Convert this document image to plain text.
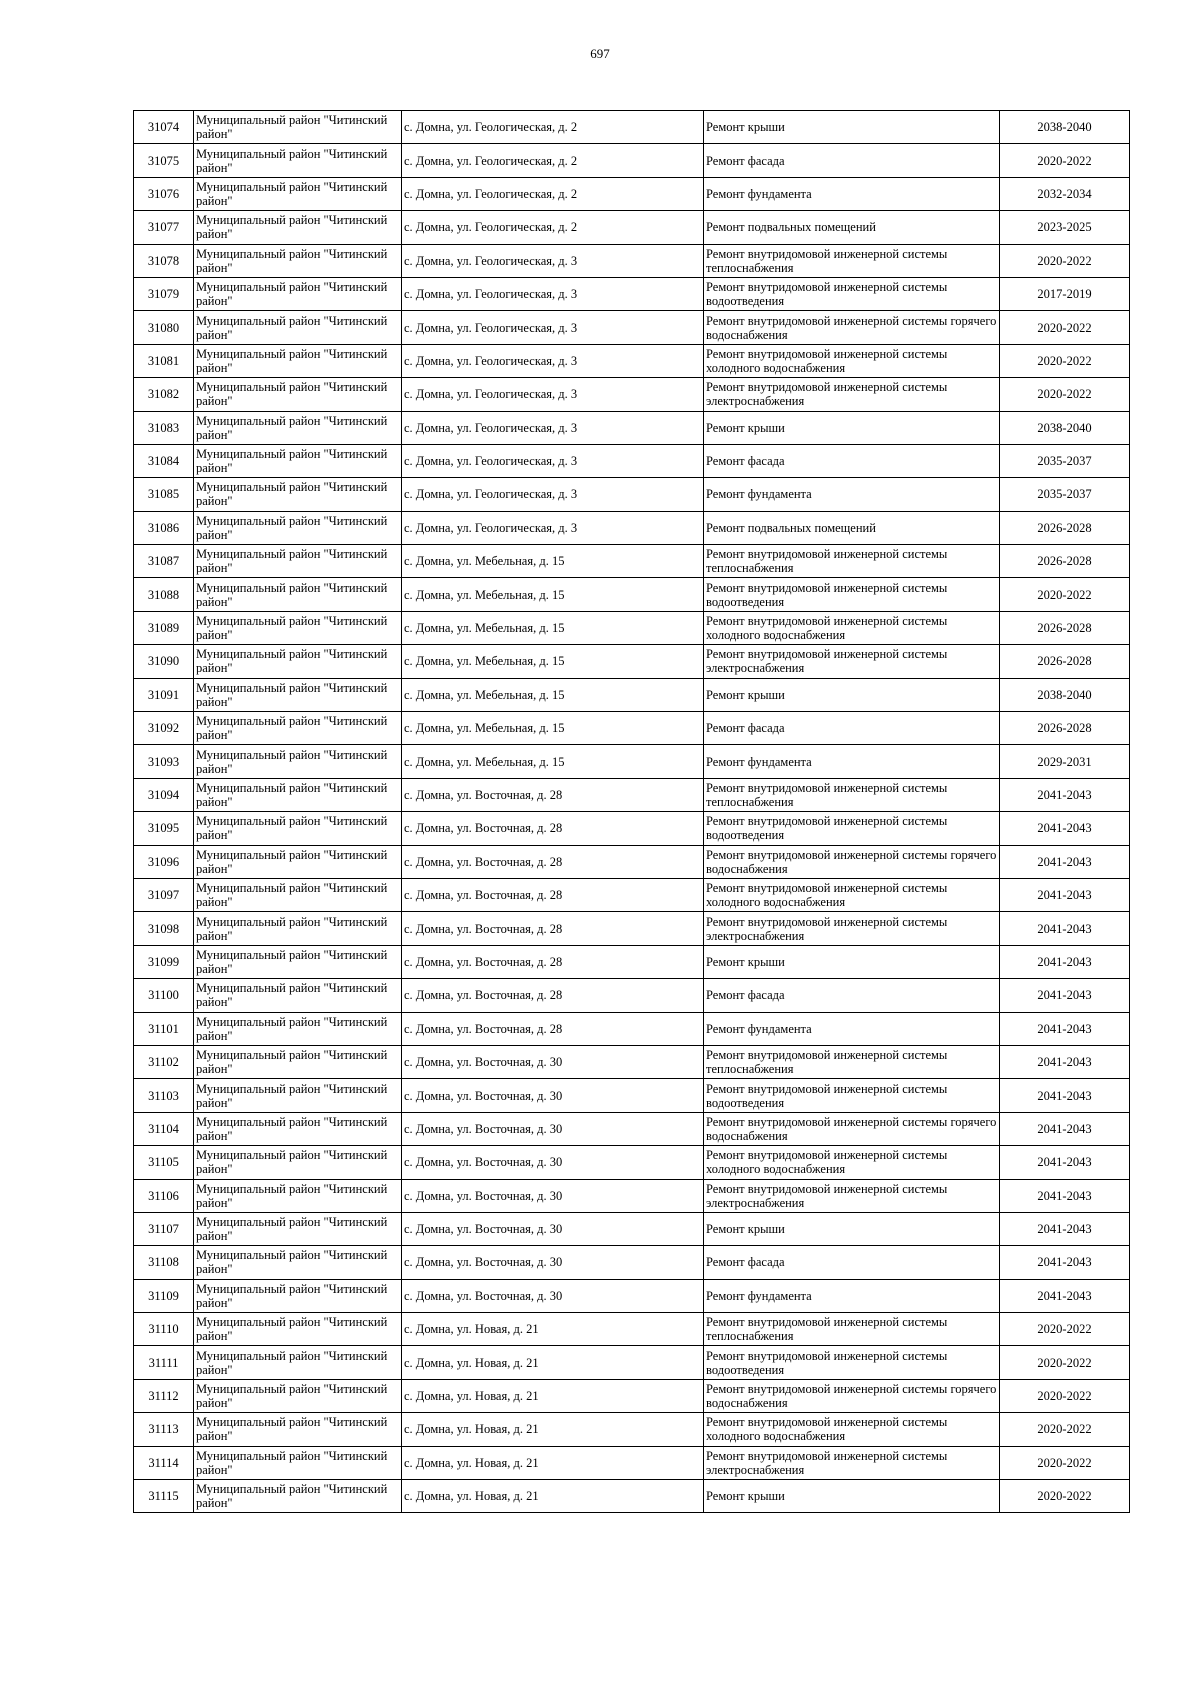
697
31074	Муниципальный район "Читинский район"	с. Домна, ул. Геологическая, д. 2	Ремонт крыши	2038-2040
31075	Муниципальный район "Читинский район"	с. Домна, ул. Геологическая, д. 2	Ремонт фасада	2020-2022
31076	Муниципальный район "Читинский район"	с. Домна, ул. Геологическая, д. 2	Ремонт фундамента	2032-2034
31077	Муниципальный район "Читинский район"	с. Домна, ул. Геологическая, д. 2	Ремонт подвальных помещений	2023-2025
31078	Муниципальный район "Читинский район"	с. Домна, ул. Геологическая, д. 3	Ремонт внутридомовой инженерной системы теплоснабжения	2020-2022
31079	Муниципальный район "Читинский район"	с. Домна, ул. Геологическая, д. 3	Ремонт внутридомовой инженерной системы водоотведения	2017-2019
31080	Муниципальный район "Читинский район"	с. Домна, ул. Геологическая, д. 3	Ремонт внутридомовой инженерной системы горячего водоснабжения	2020-2022
31081	Муниципальный район "Читинский район"	с. Домна, ул. Геологическая, д. 3	Ремонт внутридомовой инженерной системы холодного водоснабжения	2020-2022
31082	Муниципальный район "Читинский район"	с. Домна, ул. Геологическая, д. 3	Ремонт внутридомовой инженерной системы электроснабжения	2020-2022
31083	Муниципальный район "Читинский район"	с. Домна, ул. Геологическая, д. 3	Ремонт крыши	2038-2040
31084	Муниципальный район "Читинский район"	с. Домна, ул. Геологическая, д. 3	Ремонт фасада	2035-2037
31085	Муниципальный район "Читинский район"	с. Домна, ул. Геологическая, д. 3	Ремонт фундамента	2035-2037
31086	Муниципальный район "Читинский район"	с. Домна, ул. Геологическая, д. 3	Ремонт подвальных помещений	2026-2028
31087	Муниципальный район "Читинский район"	с. Домна, ул. Мебельная, д. 15	Ремонт внутридомовой инженерной системы теплоснабжения	2026-2028
31088	Муниципальный район "Читинский район"	с. Домна, ул. Мебельная, д. 15	Ремонт внутридомовой инженерной системы водоотведения	2020-2022
31089	Муниципальный район "Читинский район"	с. Домна, ул. Мебельная, д. 15	Ремонт внутридомовой инженерной системы холодного водоснабжения	2026-2028
31090	Муниципальный район "Читинский район"	с. Домна, ул. Мебельная, д. 15	Ремонт внутридомовой инженерной системы электроснабжения	2026-2028
31091	Муниципальный район "Читинский район"	с. Домна, ул. Мебельная, д. 15	Ремонт крыши	2038-2040
31092	Муниципальный район "Читинский район"	с. Домна, ул. Мебельная, д. 15	Ремонт фасада	2026-2028
31093	Муниципальный район "Читинский район"	с. Домна, ул. Мебельная, д. 15	Ремонт фундамента	2029-2031
31094	Муниципальный район "Читинский район"	с. Домна, ул. Восточная, д. 28	Ремонт внутридомовой инженерной системы теплоснабжения	2041-2043
31095	Муниципальный район "Читинский район"	с. Домна, ул. Восточная, д. 28	Ремонт внутридомовой инженерной системы водоотведения	2041-2043
31096	Муниципальный район "Читинский район"	с. Домна, ул. Восточная, д. 28	Ремонт внутридомовой инженерной системы горячего водоснабжения	2041-2043
31097	Муниципальный район "Читинский район"	с. Домна, ул. Восточная, д. 28	Ремонт внутридомовой инженерной системы холодного водоснабжения	2041-2043
31098	Муниципальный район "Читинский район"	с. Домна, ул. Восточная, д. 28	Ремонт внутридомовой инженерной системы электроснабжения	2041-2043
31099	Муниципальный район "Читинский район"	с. Домна, ул. Восточная, д. 28	Ремонт крыши	2041-2043
31100	Муниципальный район "Читинский район"	с. Домна, ул. Восточная, д. 28	Ремонт фасада	2041-2043
31101	Муниципальный район "Читинский район"	с. Домна, ул. Восточная, д. 28	Ремонт фундамента	2041-2043
31102	Муниципальный район "Читинский район"	с. Домна, ул. Восточная, д. 30	Ремонт внутридомовой инженерной системы теплоснабжения	2041-2043
31103	Муниципальный район "Читинский район"	с. Домна, ул. Восточная, д. 30	Ремонт внутридомовой инженерной системы водоотведения	2041-2043
31104	Муниципальный район "Читинский район"	с. Домна, ул. Восточная, д. 30	Ремонт внутридомовой инженерной системы горячего водоснабжения	2041-2043
31105	Муниципальный район "Читинский район"	с. Домна, ул. Восточная, д. 30	Ремонт внутридомовой инженерной системы холодного водоснабжения	2041-2043
31106	Муниципальный район "Читинский район"	с. Домна, ул. Восточная, д. 30	Ремонт внутридомовой инженерной системы электроснабжения	2041-2043
31107	Муниципальный район "Читинский район"	с. Домна, ул. Восточная, д. 30	Ремонт крыши	2041-2043
31108	Муниципальный район "Читинский район"	с. Домна, ул. Восточная, д. 30	Ремонт фасада	2041-2043
31109	Муниципальный район "Читинский район"	с. Домна, ул. Восточная, д. 30	Ремонт фундамента	2041-2043
31110	Муниципальный район "Читинский район"	с. Домна, ул. Новая, д. 21	Ремонт внутридомовой инженерной системы теплоснабжения	2020-2022
31111	Муниципальный район "Читинский район"	с. Домна, ул. Новая, д. 21	Ремонт внутридомовой инженерной системы водоотведения	2020-2022
31112	Муниципальный район "Читинский район"	с. Домна, ул. Новая, д. 21	Ремонт внутридомовой инженерной системы горячего водоснабжения	2020-2022
31113	Муниципальный район "Читинский район"	с. Домна, ул. Новая, д. 21	Ремонт внутридомовой инженерной системы холодного водоснабжения	2020-2022
31114	Муниципальный район "Читинский район"	с. Домна, ул. Новая, д. 21	Ремонт внутридомовой инженерной системы электроснабжения	2020-2022
31115	Муниципальный район "Читинский район"	с. Домна, ул. Новая, д. 21	Ремонт крыши	2020-2022
